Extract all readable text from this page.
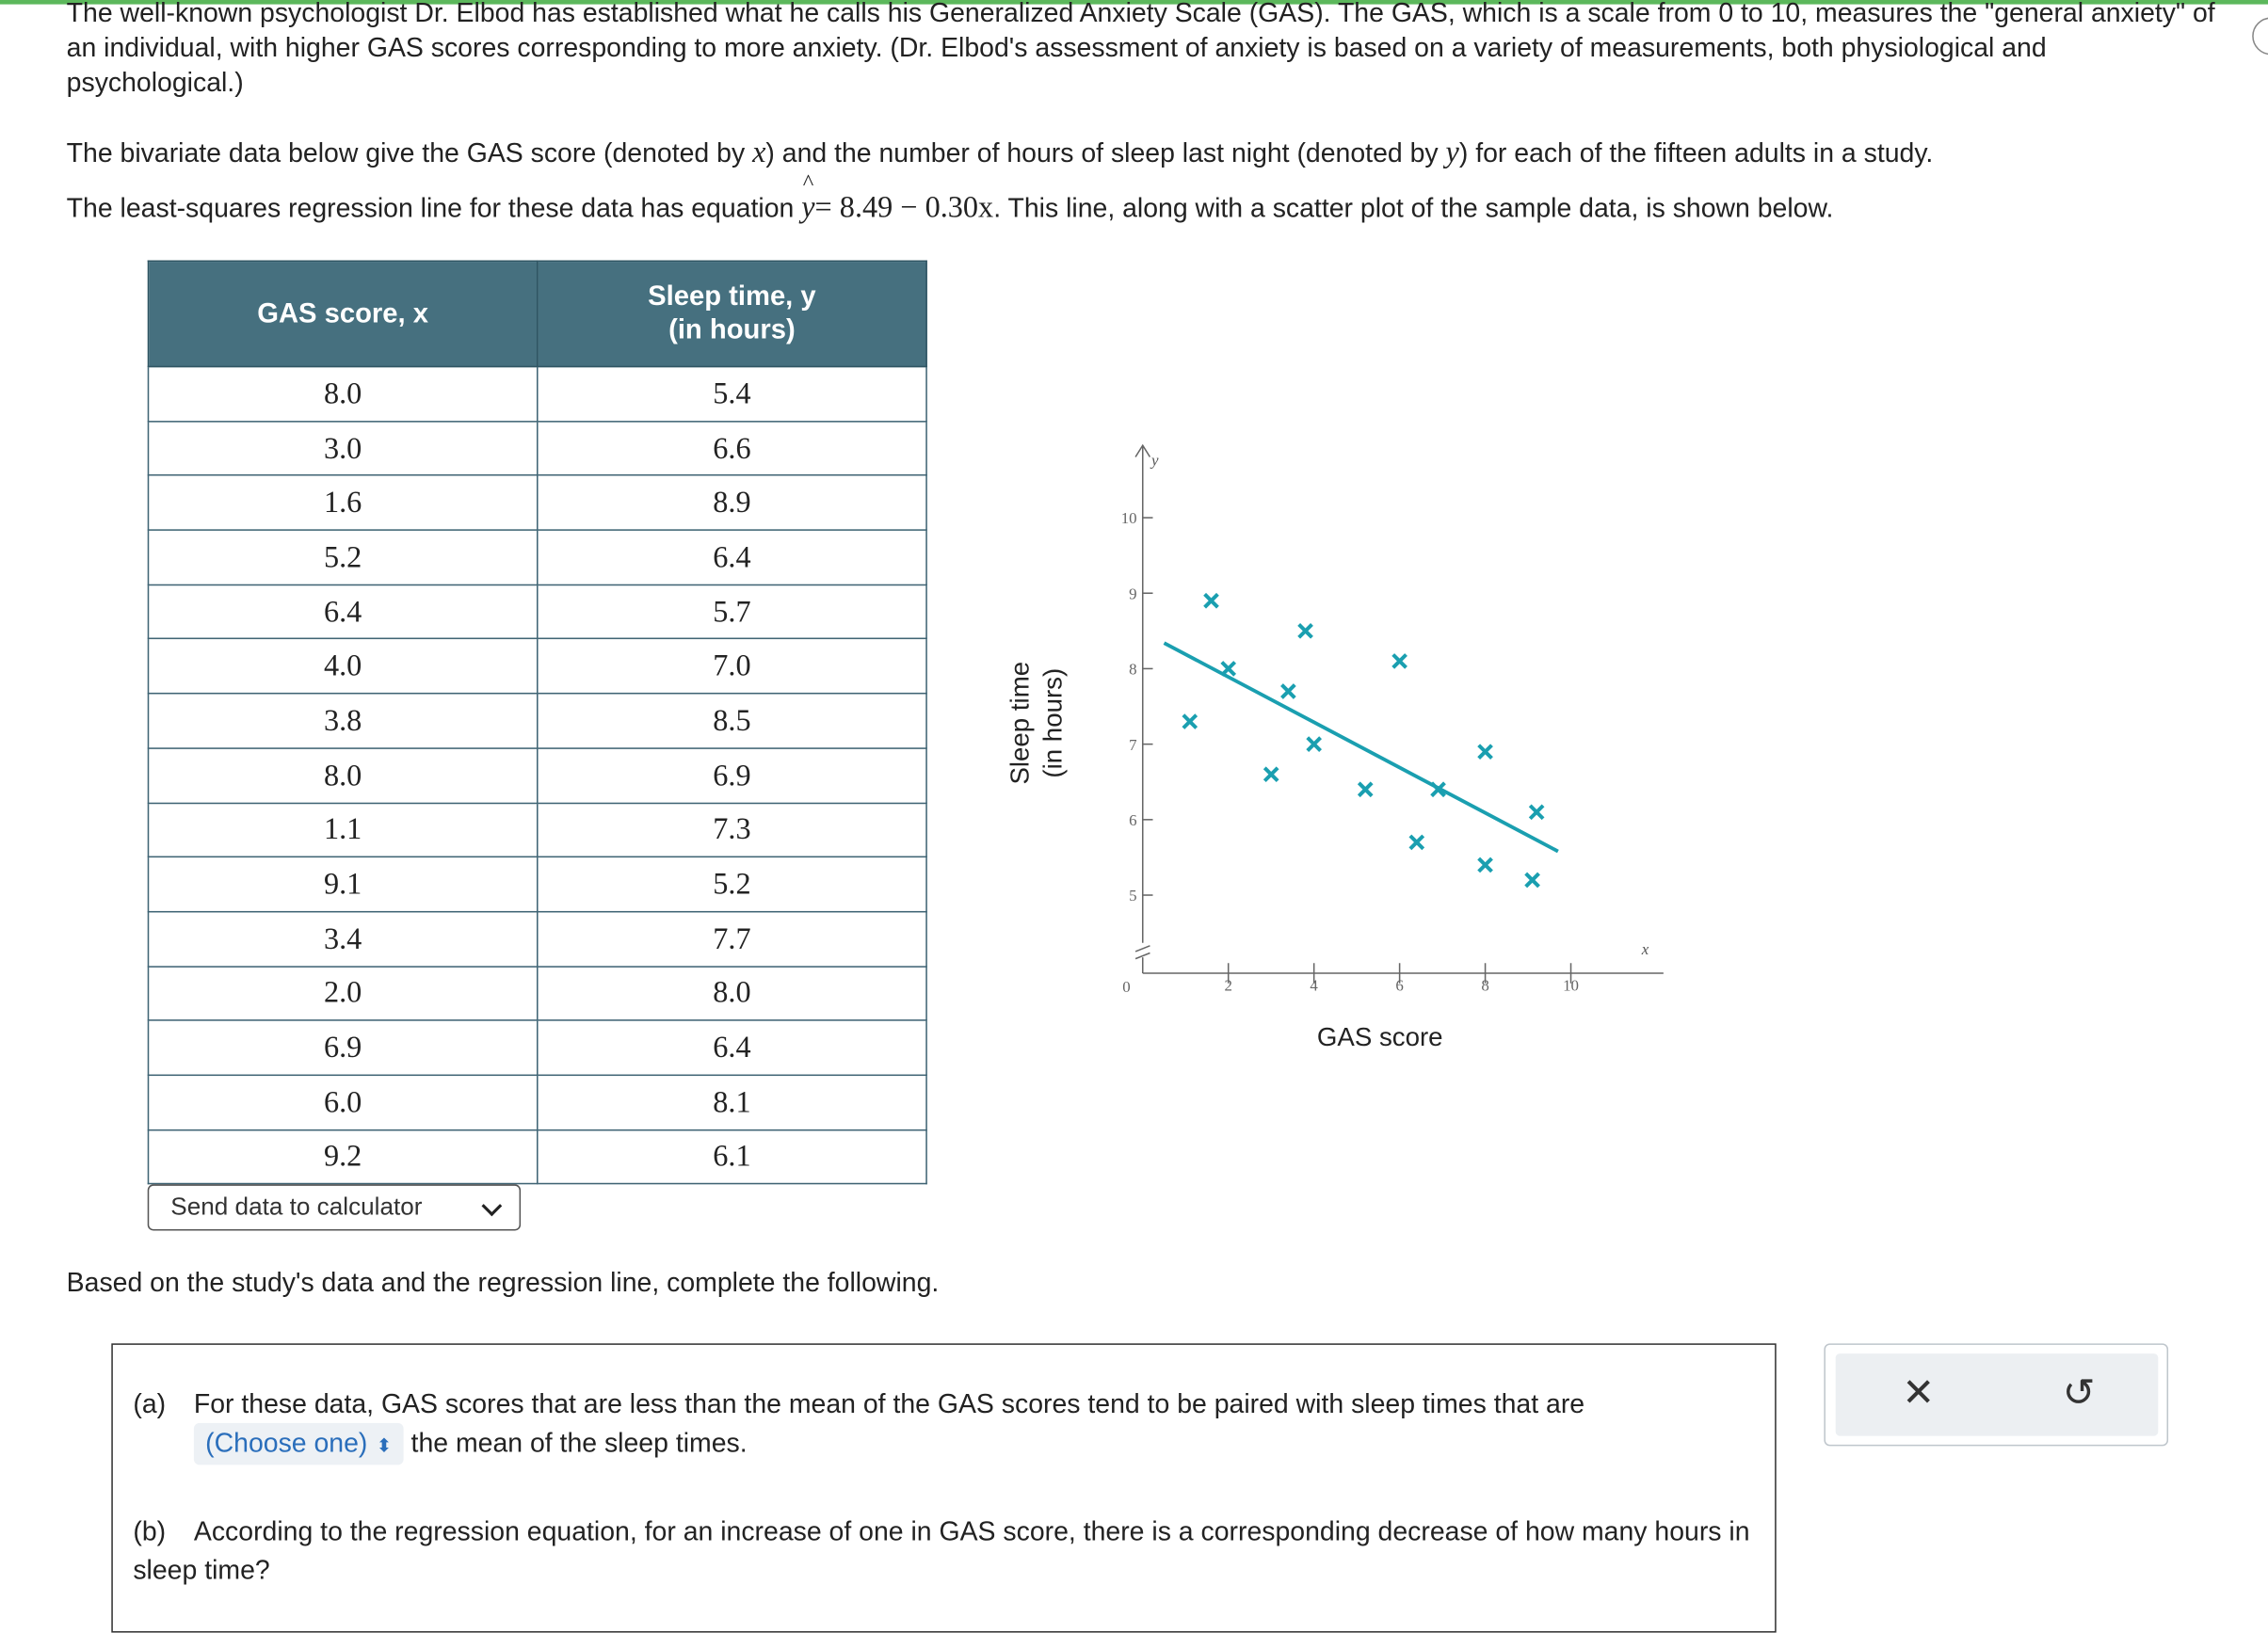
The well-known psychologist Dr. Elbod has established what he calls his Generalized Anxiety Scale (GAS). The GAS, which is a scale from 0 to 10, measures the "general anxiety" of an individual, with higher GAS scores corresponding to more anxiety. (Dr. Elbod's assessment of anxiety is based on a variety of measurements, both physiological and psychological.)
The bivariate data below give the GAS score (denoted by x) and the number of hours of sleep last night (denoted by y) for each of the fifteen adults in a study.
The least-squares regression line for these data has equation
^
y= 8.49 − 0.30x. This line, along with a scatter plot of the sample data, is shown below.
GAS score, x	Sleep time, y
(in hours)
8.0	5.4
3.0	6.6
1.6	8.9
5.2	6.4
6.4	5.7
4.0	7.0
3.8	8.5
8.0	6.9
1.1	7.3
9.1	5.2
3.4	7.7
2.0	8.0
6.9	6.4
6.0	8.1
9.2	6.1
Send data to calculator
y
x
0
5
6
7
8
9
10
2	4	6	8	10
GAS score
Sleep time (in hours)
Based on the study's data and the regression line, complete the following.
(a) For these data, GAS scores that are less than the mean of the GAS scores tend to be paired with sleep times that are
(Choose one) ⬍ the mean of the sleep times.
(b) According to the regression equation, for an increase of one in GAS score, there is a corresponding decrease of how many hours in sleep time?
✕	↺
